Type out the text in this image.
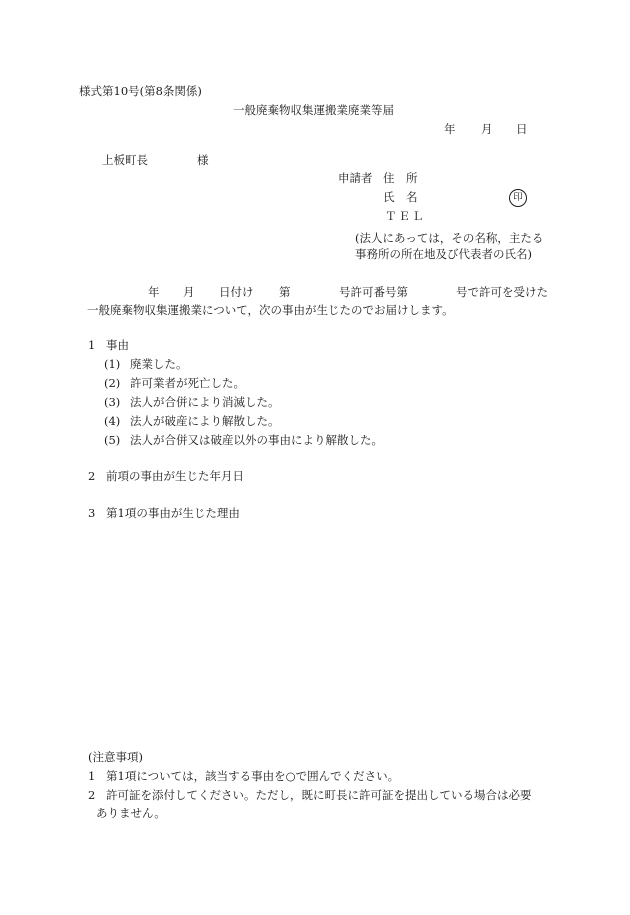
様式第10号(第8条関係)
一般廃棄物収集運搬業廃業等届
年 月 日
上板町長	様
申請者 住　所
氏　名	印
ＴＥＬ
(法人にあっては，その名称，主たる
事務所の所在地及び代表者の氏名)
年 月 日付け 第	号許可番号第	号で許可を受けた
一般廃棄物収集運搬業について，次の事由が生じたのでお届けします。
1 事由
(1) 廃業した。
(2) 許可業者が死亡した。
(3) 法人が合併により消滅した。
(4) 法人が破産により解散した。
(5) 法人が合併又は破産以外の事由により解散した。
2 前項の事由が生じた年月日
3 第1項の事由が生じた理由
(注意事項)
1 第1項については，該当する事由を○で囲んでください。
2 許可証を添付してください。ただし，既に町長に許可証を提出している場合は必要
ありません。
